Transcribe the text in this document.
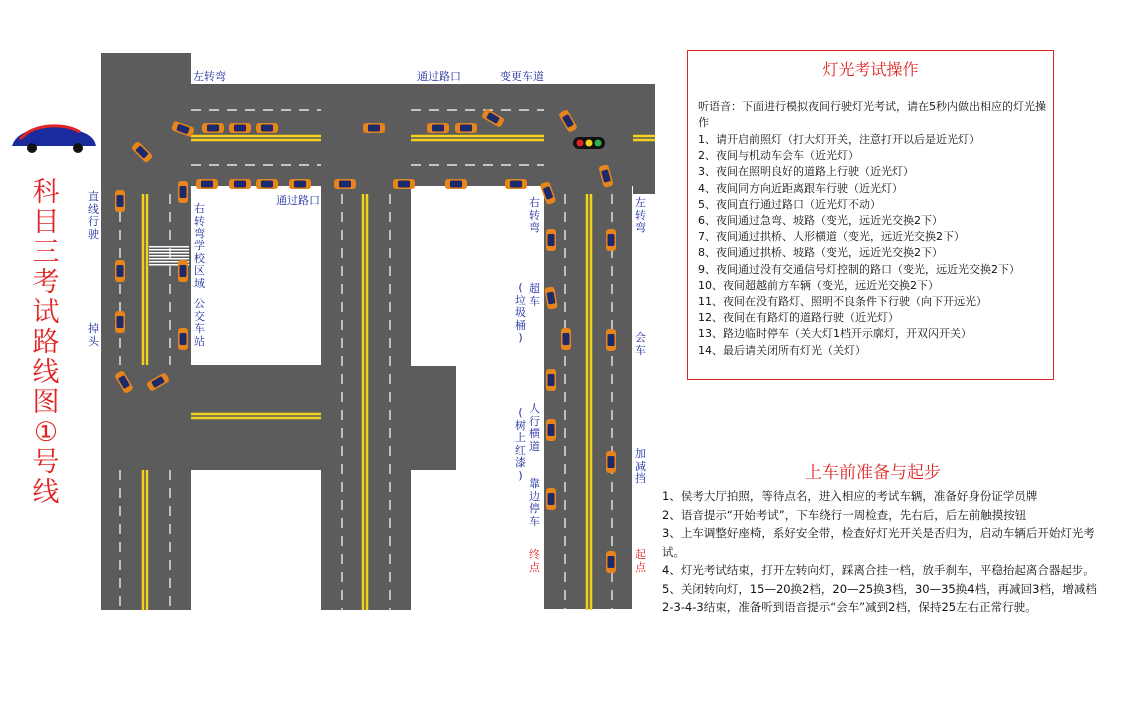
YUAN TONG
科
目
三
考
试
路
线
图
①
号
线
左转弯	通过路口	变更车道
通过路口
直
线
行
驶
掉
头
右
转
弯
学
校
区
域
公
交
车
站
右
转
弯
超
车
(
垃
圾
桶
)
人
行
横
道
(
树
上
红
漆
)
靠
边
停
车
终
点
左
转
弯
会
车
加
减
挡
起
点
灯光考试操作
听语音：下面进行模拟夜间行驶灯光考试，请在5秒内做出相应的灯光操作
1、请开启前照灯（打大灯开关，注意打开以后是近光灯）
2、夜间与机动车会车（近光灯）
3、夜间在照明良好的道路上行驶（近光灯）
4、夜间同方向近距离跟车行驶（近光灯）
5、夜间直行通过路口（近光灯不动）
6、夜间通过急弯、坡路（变光，远近光交换2下）
7、夜间通过拱桥、人形横道（变光，远近光交换2下）
8、夜间通过拱桥、坡路（变光，远近光交换2下）
9、夜间通过没有交通信号灯控制的路口（变光，远近光交换2下）
10、夜间超越前方车辆（变光，远近光交换2下）
11、夜间在没有路灯、照明不良条件下行驶（向下开远光）
12、夜间在有路灯的道路行驶（近光灯）
13、路边临时停车（关大灯1档开示廓灯，开双闪开关）
14、最后请关闭所有灯光（关灯）
上车前准备与起步
1、侯考大厅拍照，等待点名，进入相应的考试车辆，准备好身份证学员牌
2、语音提示“开始考试”，下车绕行一周检查，先右后，后左前触摸按钮
3、上车调整好座椅，系好安全带，检查好灯光开关是否归为，启动车辆后开始灯光考试。
4、灯光考试结束，打开左转向灯，踩离合挂一档，放手刹车，平稳抬起离合器起步。
5、关闭转向灯，15—20换2档，20—25换3档，30—35换4档，再减回3档，增减档2-3-4-3结束，准备听到语音提示“会车”减到2档，保持25左右正常行驶。
